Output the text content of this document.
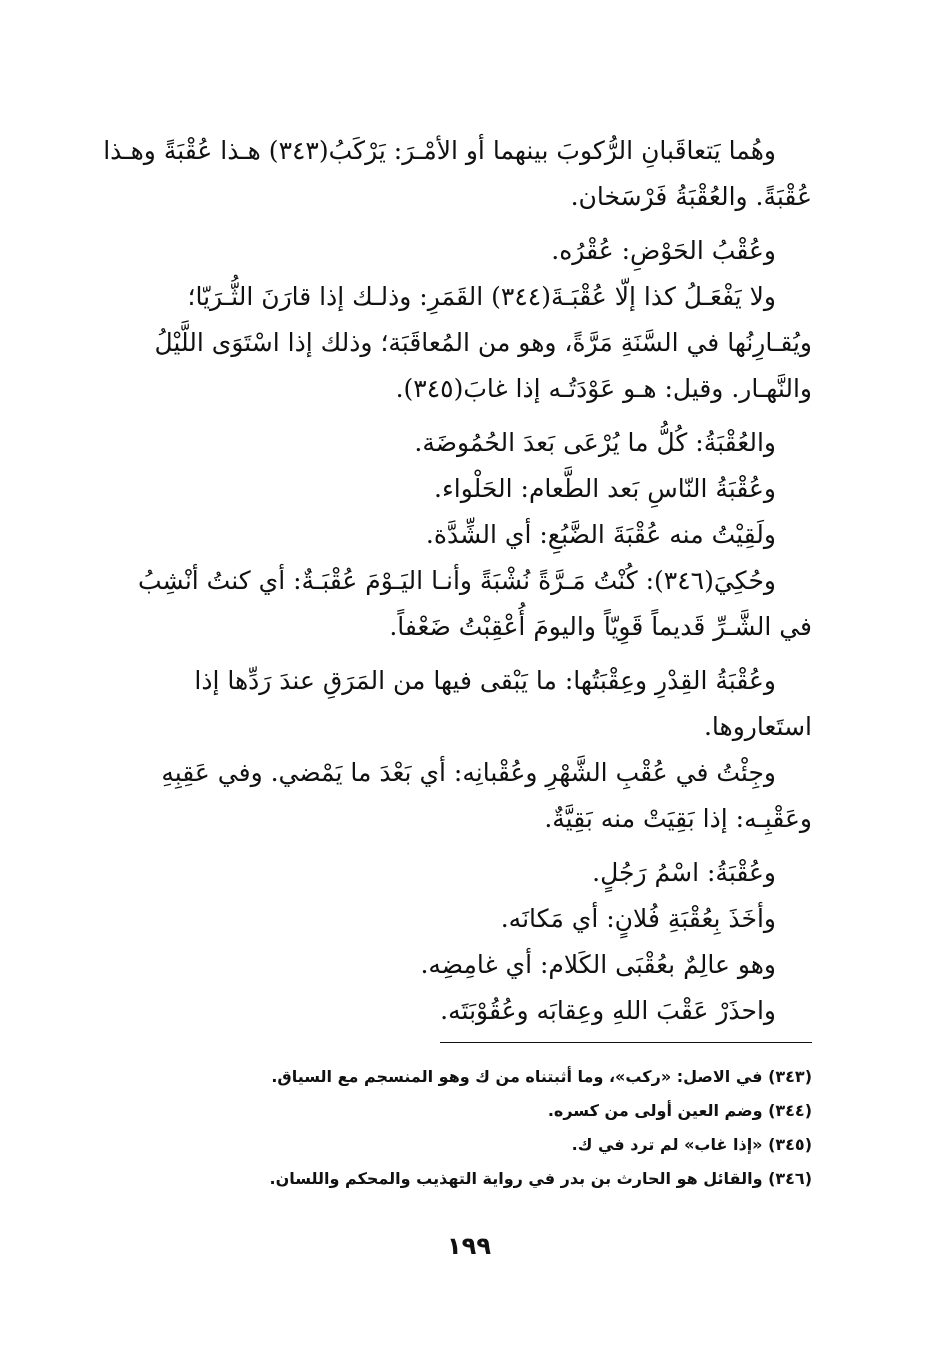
وهُما يَتعاقَبانِ الرُّكوبَ بينهما أو الأمْـرَ: يَرْكَبُ(٣٤٣) هـذا عُقْبَةً وهـذا عُقْبَةً. والعُقْبَةُ فَرْسَخان.

وعُقْبُ الحَوْضِ: عُقْرُه.

ولا يَفْعَـلُ كذا إلّا عُقْبَـةَ(٣٤٤) القَمَرِ: وذلـك إذا قارَنَ الثُّـرَيّا؛ ويُقـارِنُها في السَّنَةِ مَرَّةً، وهو من المُعاقَبَة؛ وذلك إذا اسْتَوَى اللَّيْلُ والنَّهـار. وقيل: هـو عَوْدَتُـه إذا غابَ(٣٤٥).

والعُقْبَةُ: كُلُّ ما يُرْعَى بَعدَ الحُمُوضَة.

وعُقْبَةُ النّاسِ بَعد الطَّعام: الحَلْواء.

ولَقِيْتُ منه عُقْبَةَ الضَّبُعِ: أي الشِّدَّة.

وحُكِيَ(٣٤٦): كُنْتُ مَـرَّةً نُشْبَةً وأنـا اليَـوْمَ عُقْبَـةٌ: أي كنتُ أنْشِبُ في الشَّـرِّ قَديماً قَوِيّاً واليومَ أُعْقِبْتُ ضَعْفاً.

وعُقْبَةُ القِدْرِ وعِقْبَتُها: ما يَبْقى فيها من المَرَقِ عندَ رَدِّها إذا استَعاروها.

وجِئْتُ في عُقْبِ الشَّهْرِ وعُقْبانِه: أي بَعْدَ ما يَمْضي. وفي عَقِبِهِ وعَقْبِـه: إذا بَقِيَتْ منه بَقِيَّةٌ.

وعُقْبَةُ: اسْمُ رَجُلٍ.

وأخَذَ بِعُقْبَةِ فُلانٍ: أي مَكانَه.

وهو عالِمٌ بعُقْبَى الكَلام: أي غامِضِه.

واحذَرْ عَقْبَ اللهِ وعِقابَه وعُقُوْبَتَه.

(٣٤٣) في الاصل: «ركب»، وما أثبتناه من ك وهو المنسجم مع السياق.

(٣٤٤) وضم العين أولى من كسره.

(٣٤٥) «إذا غاب» لم ترد في ك.

(٣٤٦) والقائل هو الحارث بن بدر في رواية التهذيب والمحكم واللسان.

١٩٩
